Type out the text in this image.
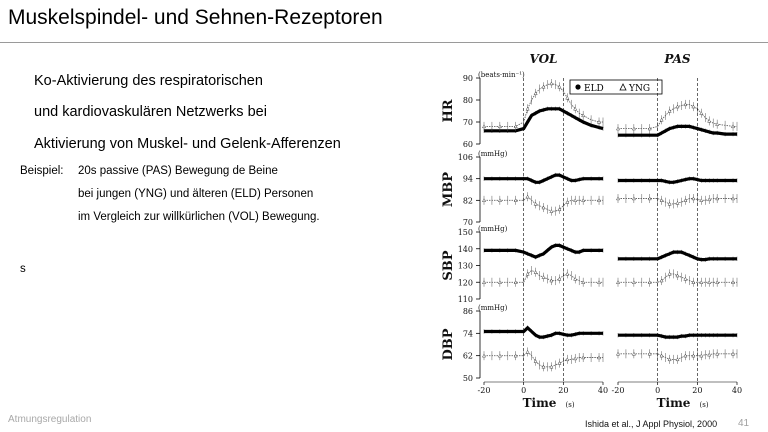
Muskelspindel- und Sehnen-Rezeptoren
Ko-Aktivierung des respiratorischen
und kardiovaskulären Netzwerks bei
Aktivierung von Muskel- und Gelenk-Afferenzen
Beispiel: 20s passive (PAS) Bewegung de Beine
bei jungen (YNG) und älteren (ELD) Personen
im Vergleich zur willkürlichen (VOL) Bewegung.
s
VOL	PAS
ELD	YNG
90
80
70
60
(beats·min⁻¹)
HR
106
94
82
70
(mmHg)
MBP
150
140
130
120
110
(mmHg)
SBP
86
74
62
50
(mmHg)
DBP
-20	0	20	40
Time (s)
-20	0	20	40
Time (s)
Atmungsregulation	Ishida et al., J Appl Physiol, 2000 41
